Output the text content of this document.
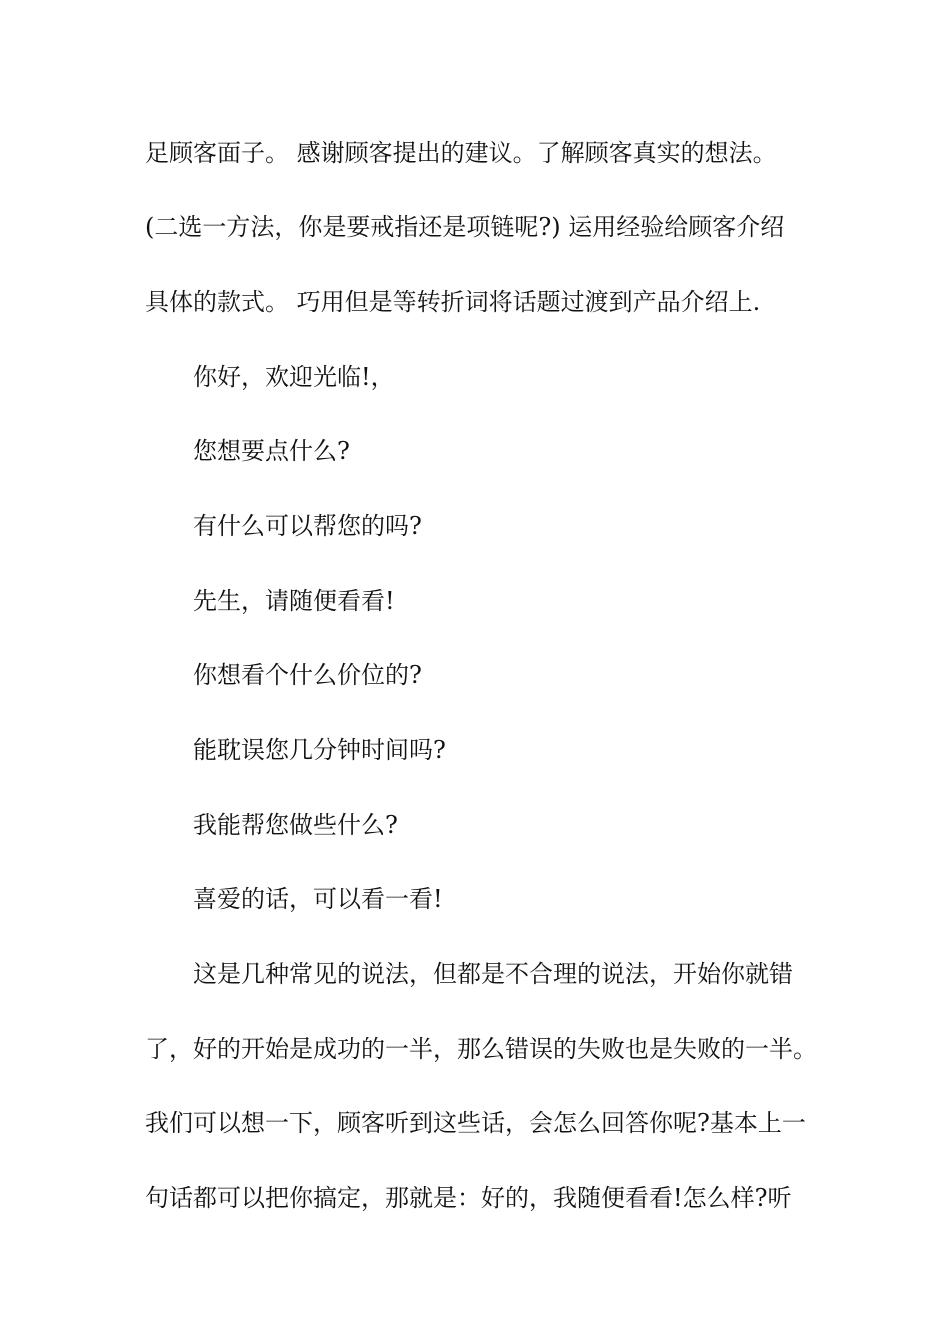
足顾客面子。 感谢顾客提出的建议。了解顾客真实的想法。
(二选一方法，你是要戒指还是项链呢?) 运用经验给顾客介绍
具体的款式。 巧用但是等转折词将话题过渡到产品介绍上.
你好，欢迎光临!，
您想要点什么?
有什么可以帮您的吗?
先生，请随便看看!
你想看个什么价位的?
能耽误您几分钟时间吗?
我能帮您做些什么?
喜爱的话，可以看一看!
这是几种常见的说法，但都是不合理的说法，开始你就错
了，好的开始是成功的一半，那么错误的失败也是失败的一半。
我们可以想一下，顾客听到这些话，会怎么回答你呢?基本上一
句话都可以把你搞定，那就是：好的，我随便看看!怎么样?听
